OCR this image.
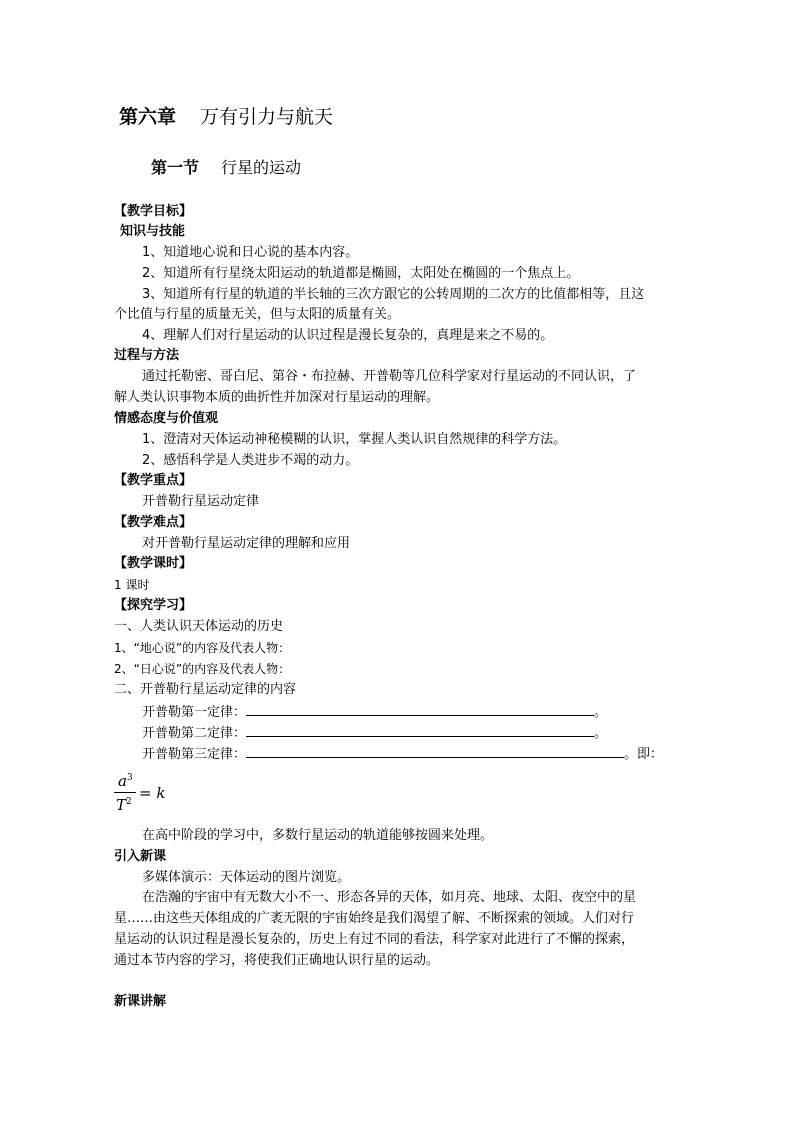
第六章 万有引力与航天
第一节 行星的运动
【教学目标】
知识与技能
1、知道地心说和日心说的基本内容。
2、知道所有行星绕太阳运动的轨道都是椭圆，太阳处在椭圆的一个焦点上。
3、知道所有行星的轨道的半长轴的三次方跟它的公转周期的二次方的比值都相等，且这
个比值与行星的质量无关，但与太阳的质量有关。
4、理解人们对行星运动的认识过程是漫长复杂的，真理是来之不易的。
过程与方法
通过托勒密、哥白尼、第谷・布拉赫、开普勒等几位科学家对行星运动的不同认识，了
解人类认识事物本质的曲折性并加深对行星运动的理解。
情感态度与价值观
1、澄清对天体运动神秘模糊的认识，掌握人类认识自然规律的科学方法。
2、感悟科学是人类进步不竭的动力。
【教学重点】
开普勒行星运动定律
【教学难点】
对开普勒行星运动定律的理解和应用
【教学课时】
1 课时
【探究学习】
一、人类认识天体运动的历史
1、“地心说”的内容及代表人物：
2、“日心说”的内容及代表人物：
二、开普勒行星运动定律的内容
开普勒第一定律：	。
开普勒第二定律：	。
开普勒第三定律：	。即：
$a^3$
$T^2 = k$
在高中阶段的学习中，多数行星运动的轨道能够按圆来处理。
引入新课
多媒体演示：天体运动的图片浏览。
在浩瀚的宇宙中有无数大小不一、形态各异的天体，如月亮、地球、太阳、夜空中的星
星……由这些天体组成的广袤无限的宇宙始终是我们渴望了解、不断探索的领域。人们对行
星运动的认识过程是漫长复杂的，历史上有过不同的看法，科学家对此进行了不懈的探索，
通过本节内容的学习，将使我们正确地认识行星的运动。
新课讲解
